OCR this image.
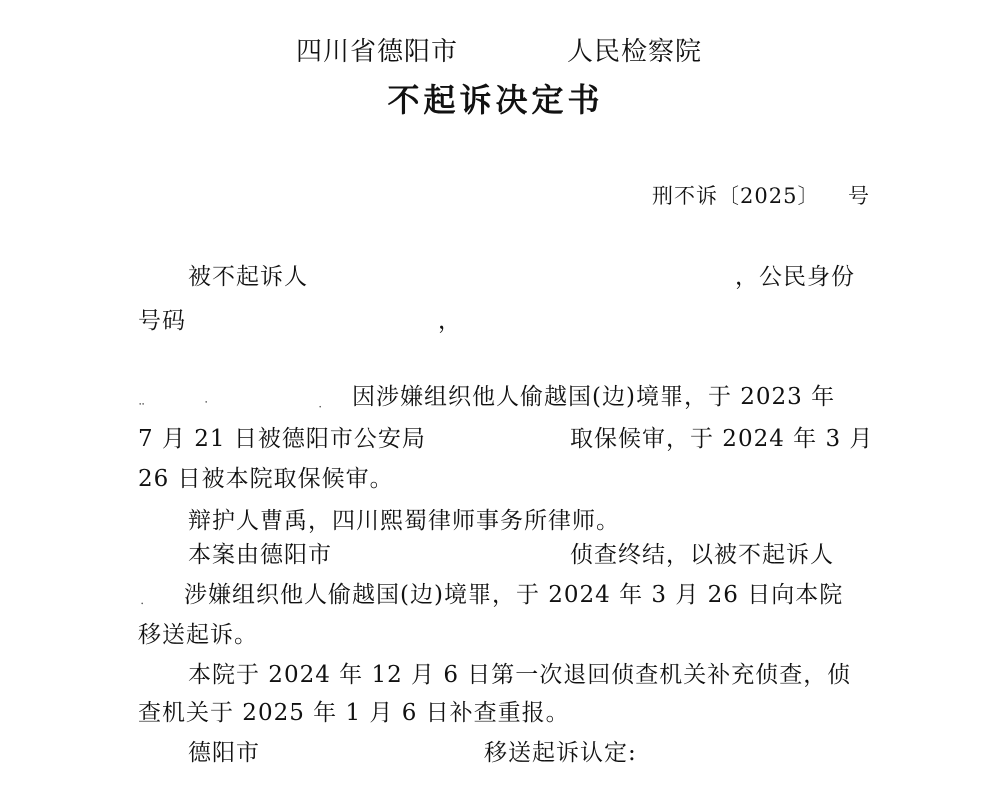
四川省德阳市	人民检察院
不起诉决定书
刑不诉〔2025〕 号
被不起诉人	，公民身份
号码	，
⠉	⠁	⠂
⠄
因涉嫌组织他人偷越国(边)境罪，于 2023 年
7 月 21 日被德阳市公安局	取保候审，于 2024 年 3 月
26 日被本院取保候审。
辩护人曹禹，四川熙蜀律师事务所律师。
本案由德阳市	侦查终结，以被不起诉人
涉嫌组织他人偷越国(边)境罪，于 2024 年 3 月 26 日向本院
移送起诉。
本院于 2024 年 12 月 6 日第一次退回侦查机关补充侦查，侦
查机关于 2025 年 1 月 6 日补查重报。
德阳市	移送起诉认定:
